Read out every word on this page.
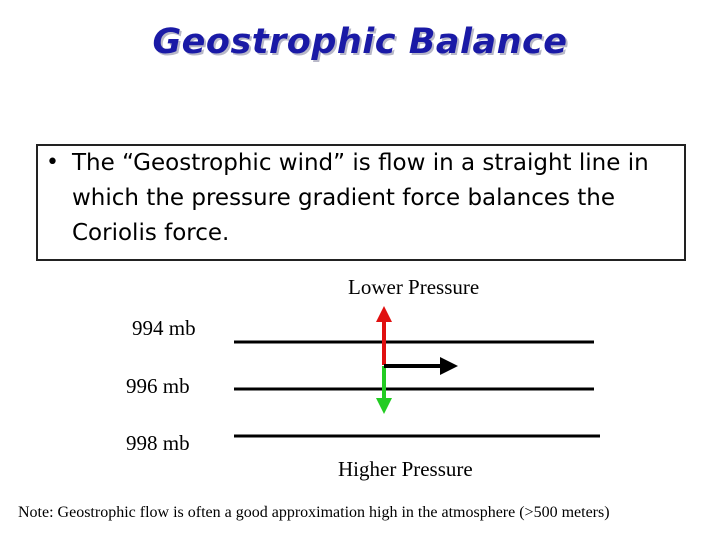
Geostrophic Balance
• The “Geostrophic wind” is flow in a straight line in which the pressure gradient force balances the Coriolis force.
Lower Pressure
994 mb
996 mb
998 mb
Higher Pressure
Note: Geostrophic flow is often a good approximation high in the atmosphere (>500 meters)
